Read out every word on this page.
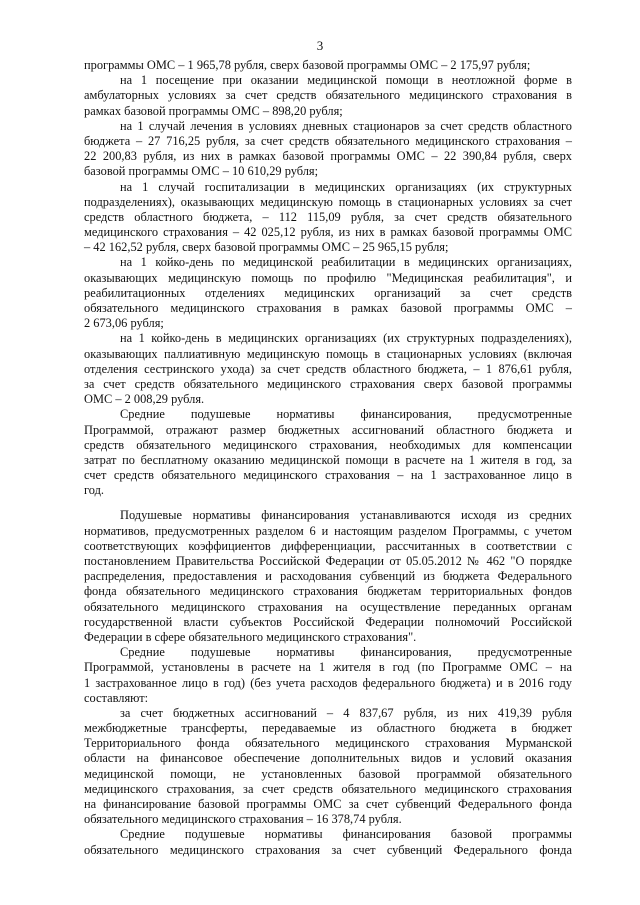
3
программы ОМС – 1 965,78 рубля, сверх базовой программы ОМС – 2 175,97 рубля;
на 1 посещение при оказании медицинской помощи в неотложной форме в
амбулаторных условиях за счет средств обязательного медицинского страхования в
рамках базовой программы ОМС – 898,20 рубля;
на 1 случай лечения в условиях дневных стационаров за счет средств областного
бюджета – 27 716,25 рубля, за счет средств обязательного медицинского страхования –
22 200,83 рубля, из них в рамках базовой программы ОМС – 22 390,84 рубля, сверх
базовой программы ОМС – 10 610,29 рубля;
на 1 случай госпитализации в медицинских организациях (их структурных
подразделениях), оказывающих медицинскую помощь в стационарных условиях за счет
средств областного бюджета, – 112 115,09 рубля, за счет средств обязательного
медицинского страхования – 42 025,12 рубля, из них в рамках базовой программы ОМС
– 42 162,52 рубля, сверх базовой программы ОМС – 25 965,15 рубля;
на 1 койко-день по медицинской реабилитации в медицинских организациях,
оказывающих медицинскую помощь по профилю "Медицинская реабилитация", и
реабилитационных отделениях медицинских организаций за счет средств
обязательного медицинского страхования в рамках базовой программы ОМС –
2 673,06 рубля;
на 1 койко-день в медицинских организациях (их структурных подразделениях),
оказывающих паллиативную медицинскую помощь в стационарных условиях (включая
отделения сестринского ухода) за счет средств областного бюджета, – 1 876,61 рубля,
за счет средств обязательного медицинского страхования сверх базовой программы
ОМС – 2 008,29 рубля.
Средние подушевые нормативы финансирования, предусмотренные
Программой, отражают размер бюджетных ассигнований областного бюджета и
средств обязательного медицинского страхования, необходимых для компенсации
затрат по бесплатному оказанию медицинской помощи в расчете на 1 жителя в год, за
счет средств обязательного медицинского страхования – на 1 застрахованное лицо в
год.
Подушевые нормативы финансирования устанавливаются исходя из средних
нормативов, предусмотренных разделом 6 и настоящим разделом Программы, с учетом
соответствующих коэффициентов дифференциации, рассчитанных в соответствии с
постановлением Правительства Российской Федерации от 05.05.2012 № 462 "О порядке
распределения, предоставления и расходования субвенций из бюджета Федерального
фонда обязательного медицинского страхования бюджетам территориальных фондов
обязательного медицинского страхования на осуществление переданных органам
государственной власти субъектов Российской Федерации полномочий Российской
Федерации в сфере обязательного медицинского страхования".
Средние подушевые нормативы финансирования, предусмотренные
Программой, установлены в расчете на 1 жителя в год (по Программе ОМС – на
1 застрахованное лицо в год) (без учета расходов федерального бюджета) и в 2016 году
составляют:
за счет бюджетных ассигнований – 4 837,67 рубля, из них 419,39 рубля
межбюджетные трансферты, передаваемые из областного бюджета в бюджет
Территориального фонда обязательного медицинского страхования Мурманской
области на финансовое обеспечение дополнительных видов и условий оказания
медицинской помощи, не установленных базовой программой обязательного
медицинского страхования, за счет средств обязательного медицинского страхования
на финансирование базовой программы ОМС за счет субвенций Федерального фонда
обязательного медицинского страхования – 16 378,74 рубля.
Средние подушевые нормативы финансирования базовой программы
обязательного медицинского страхования за счет субвенций Федерального фонда
